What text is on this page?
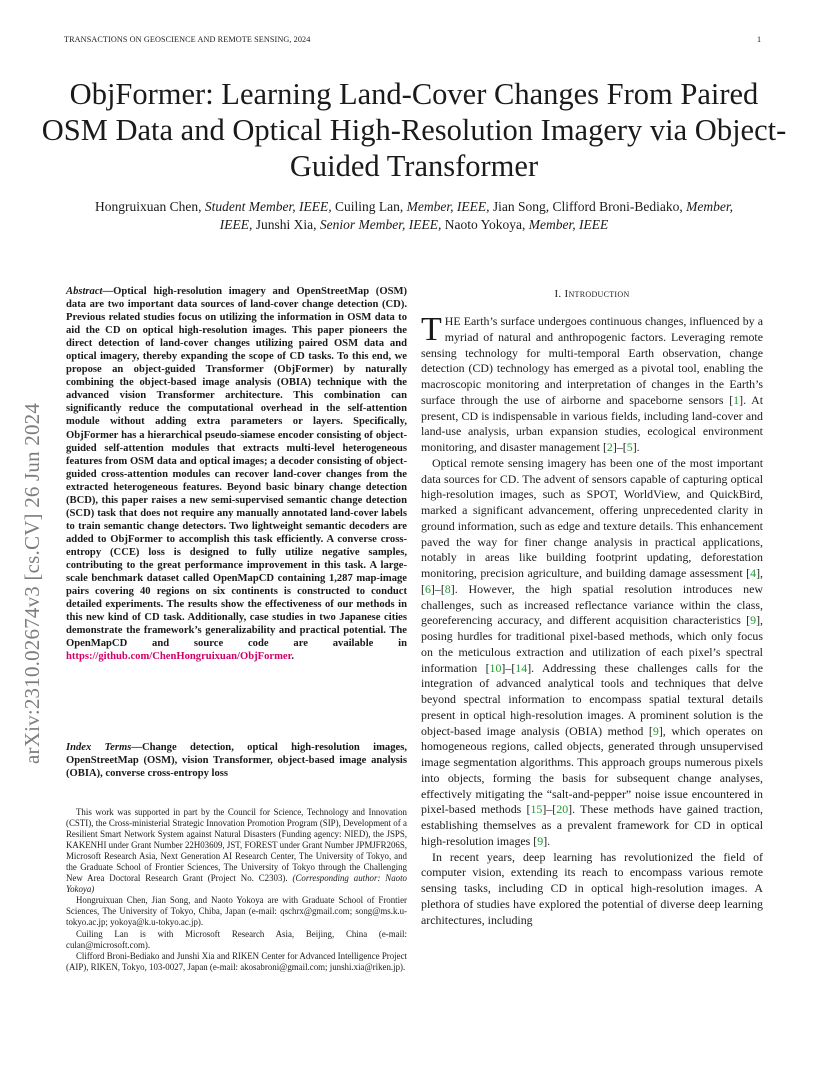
TRANSACTIONS ON GEOSCIENCE AND REMOTE SENSING, 2024	1
arXiv:2310.02674v3 [cs.CV] 26 Jun 2024
ObjFormer: Learning Land-Cover Changes From Paired OSM Data and Optical High-Resolution Imagery via Object-Guided Transformer
Hongruixuan Chen, Student Member, IEEE, Cuiling Lan, Member, IEEE, Jian Song, Clifford Broni-Bediako, Member, IEEE, Junshi Xia, Senior Member, IEEE, Naoto Yokoya, Member, IEEE
Abstract—Optical high-resolution imagery and OpenStreetMap (OSM) data are two important data sources of land-cover change detection (CD). Previous related studies focus on utilizing the information in OSM data to aid the CD on optical high-resolution images. This paper pioneers the direct detection of land-cover changes utilizing paired OSM data and optical imagery, thereby expanding the scope of CD tasks. To this end, we propose an object-guided Transformer (ObjFormer) by naturally combining the object-based image analysis (OBIA) technique with the advanced vision Transformer architecture. This combination can significantly reduce the computational overhead in the self-attention module without adding extra parameters or layers. Specifically, ObjFormer has a hierarchical pseudo-siamese encoder consisting of object-guided self-attention modules that extracts multi-level heterogeneous features from OSM data and optical images; a decoder consisting of object-guided cross-attention modules can recover land-cover changes from the extracted heterogeneous features. Beyond basic binary change detection (BCD), this paper raises a new semi-supervised semantic change detection (SCD) task that does not require any manually annotated land-cover labels to train semantic change detectors. Two lightweight semantic decoders are added to ObjFormer to accomplish this task efficiently. A converse cross-entropy (CCE) loss is designed to fully utilize negative samples, contributing to the great performance improvement in this task. A large-scale benchmark dataset called OpenMapCD containing 1,287 map-image pairs covering 40 regions on six continents is constructed to conduct detailed experiments. The results show the effectiveness of our methods in this new kind of CD task. Additionally, case studies in two Japanese cities demonstrate the framework’s generalizability and practical potential. The OpenMapCD and source code are available in https://github.com/ChenHongruixuan/ObjFormer.
Index Terms—Change detection, optical high-resolution images, OpenStreetMap (OSM), vision Transformer, object-based image analysis (OBIA), converse cross-entropy loss

This work was supported in part by the Council for Science, Technology and Innovation (CSTI), the Cross-ministerial Strategic Innovation Promotion Program (SIP), Development of a Resilient Smart Network System against Natural Disasters (Funding agency: NIED), the JSPS, KAKENHI under Grant Number 22H03609, JST, FOREST under Grant Number JPMJFR206S, Microsoft Research Asia, Next Generation AI Research Center, The University of Tokyo, and the Graduate School of Frontier Sciences, The University of Tokyo through the Challenging New Area Doctoral Research Grant (Project No. C2303). (Corresponding author: Naoto Yokoya)

Hongruixuan Chen, Jian Song, and Naoto Yokoya are with Graduate School of Frontier Sciences, The University of Tokyo, Chiba, Japan (e-mail: qschrx@gmail.com; song@ms.k.u-tokyo.ac.jp; yokoya@k.u-tokyo.ac.jp).

Cuiling Lan is with Microsoft Research Asia, Beijing, China (e-mail: culan@microsoft.com).

Clifford Broni-Bediako and Junshi Xia and RIKEN Center for Advanced Intelligence Project (AIP), RIKEN, Tokyo, 103-0027, Japan (e-mail: akosabroni@gmail.com; junshi.xia@riken.jp).

I. Introduction

THE Earth’s surface undergoes continuous changes, influenced by a myriad of natural and anthropogenic factors. Leveraging remote sensing technology for multi-temporal Earth observation, change detection (CD) technology has emerged as a pivotal tool, enabling the macroscopic monitoring and interpretation of changes in the Earth’s surface through the use of airborne and spaceborne sensors [1]. At present, CD is indispensable in various fields, including land-cover and land-use analysis, urban expansion studies, ecological environment monitoring, and disaster management [2]–[5].

Optical remote sensing imagery has been one of the most important data sources for CD. The advent of sensors capable of capturing optical high-resolution images, such as SPOT, WorldView, and QuickBird, marked a significant advancement, offering unprecedented clarity in ground information, such as edge and texture details. This enhancement paved the way for finer change analysis in practical applications, notably in areas like building footprint updating, deforestation monitoring, precision agriculture, and building damage assessment [4], [6]–[8]. However, the high spatial resolution introduces new challenges, such as increased reflectance variance within the class, georeferencing accuracy, and different acquisition characteristics [9], posing hurdles for traditional pixel-based methods, which only focus on the meticulous extraction and utilization of each pixel’s spectral information [10]–[14]. Addressing these challenges calls for the integration of advanced analytical tools and techniques that delve beyond spectral information to encompass spatial textural details present in optical high-resolution images. A prominent solution is the object-based image analysis (OBIA) method [9], which operates on homogeneous regions, called objects, generated through unsupervised image segmentation algorithms. This approach groups numerous pixels into objects, forming the basis for subsequent change analyses, effectively mitigating the “salt-and-pepper” noise issue encountered in pixel-based methods [15]–[20]. These methods have gained traction, establishing themselves as a prevalent framework for CD in optical high-resolution images [9].

In recent years, deep learning has revolutionized the field of computer vision, extending its reach to encompass various remote sensing tasks, including CD in optical high-resolution images. A plethora of studies have explored the potential of diverse deep learning architectures, including
